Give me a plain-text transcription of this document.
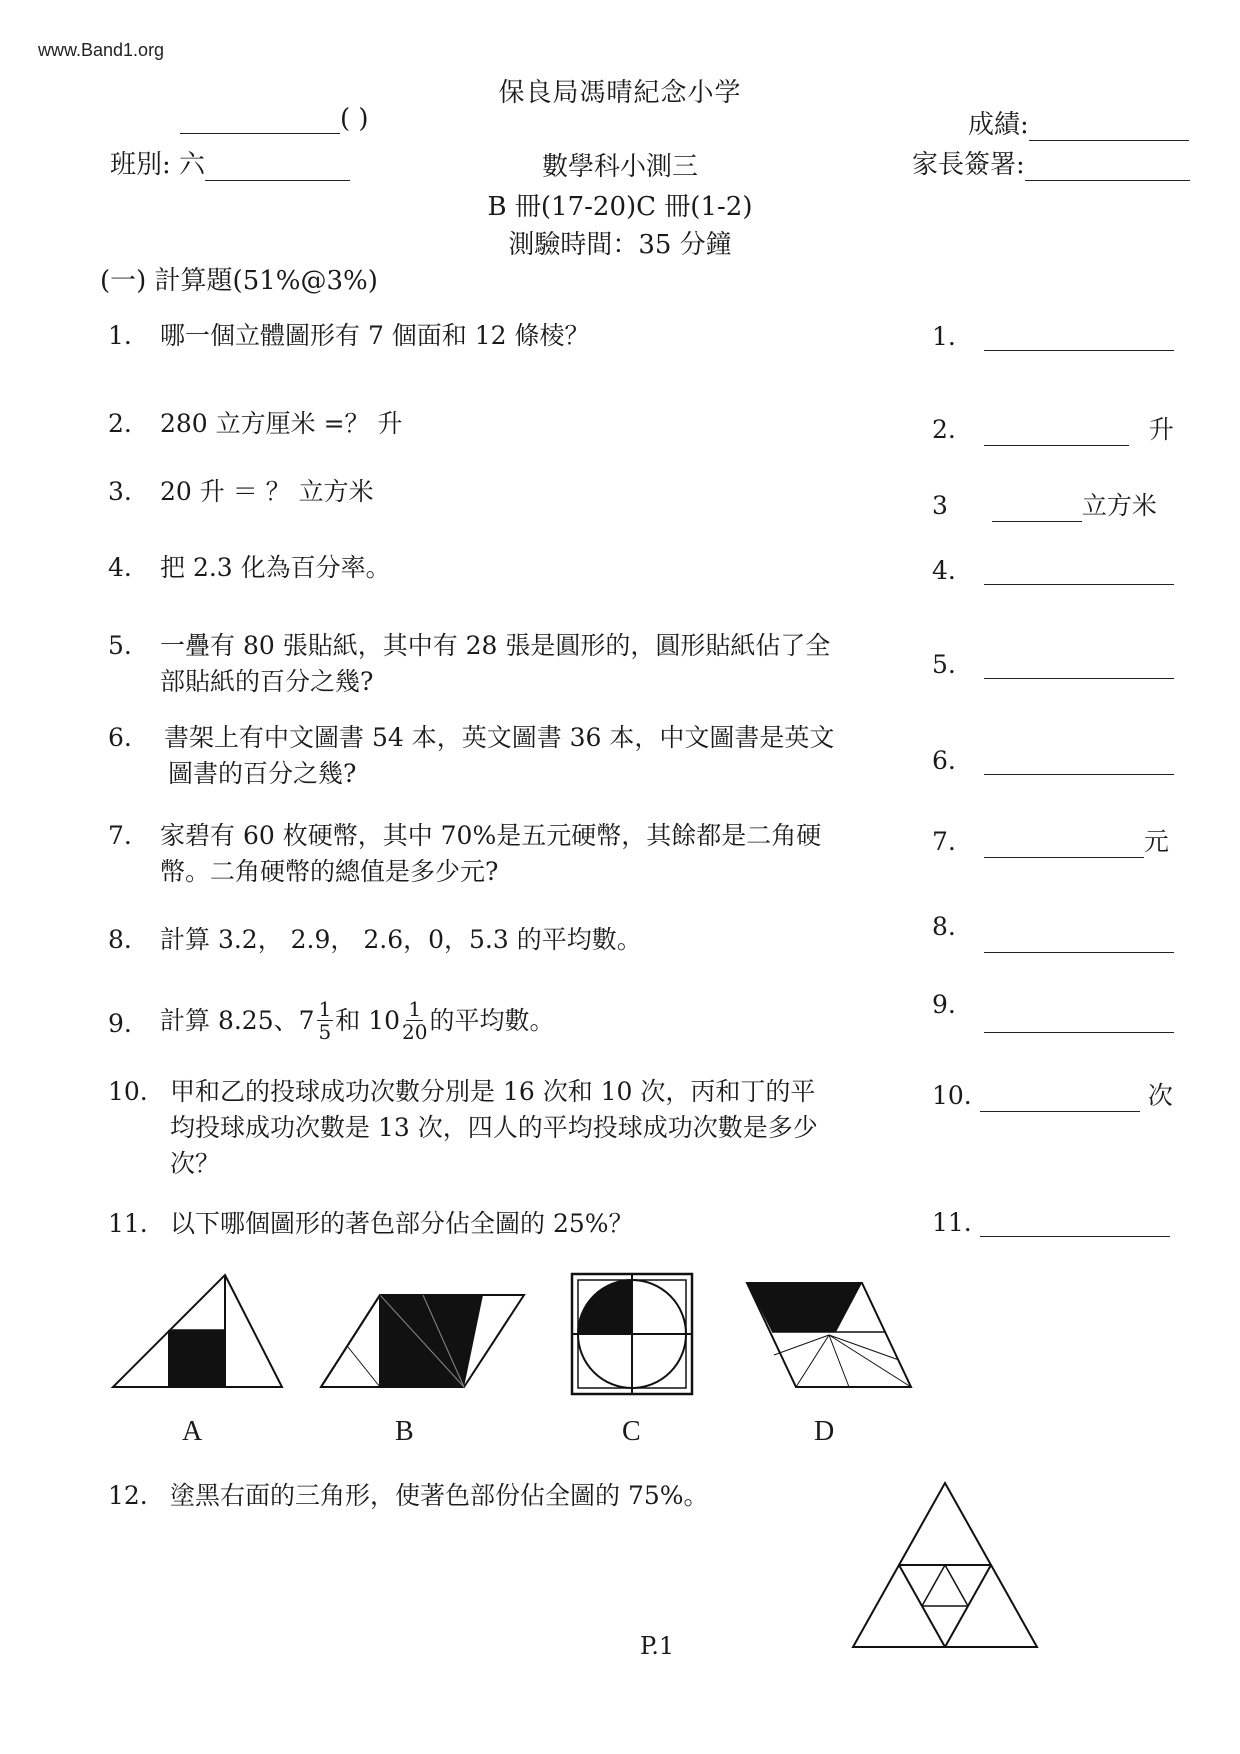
www.Band1.org
保良局馮晴紀念小学
( )	成績:
班別: 六	數學科小測三	家長簽署:
B 冊(17-20)C 冊(1-2)
測驗時間：35 分鐘
(一) 計算題(51%@3%)
1. 哪一個立體圖形有 7 個面和 12 條棱？	1.
2. 280 立方厘米 =？ 升	2.	升
3. 20 升 ＝ ？ 立方米	3	立方米
4. 把 2.3 化為百分率。	4.
5. 一疊有 80 張貼紙，其中有 28 張是圓形的，圓形貼紙佔了全
部貼紙的百分之幾?
5.
6. 書架上有中文圖書 54 本，英文圖書 36 本，中文圖書是英文
圖書的百分之幾?	6.
7. 家碧有 60 枚硬幣，其中 70%是五元硬幣，其餘都是二角硬
幣。二角硬幣的總值是多少元?
7.	元
8. 計算 3.2， 2.9， 2.6，0，5.3 的平均數。	8.
9. 計算 8.25、$7 \frac{1}{5}$ 和 $10 \frac{1}{20}$ 的平均數。
9.
10. 甲和乙的投球成功次數分別是 16 次和 10 次，丙和丁的平
均投球成功次數是 13 次，四人的平均投球成功次數是多少
次？
10.	次
11. 以下哪個圖形的著色部分佔全圖的 25%？	11.
A	B	C	D
12. 塗黑右面的三角形，使著色部份佔全圖的 75%。
P.1
